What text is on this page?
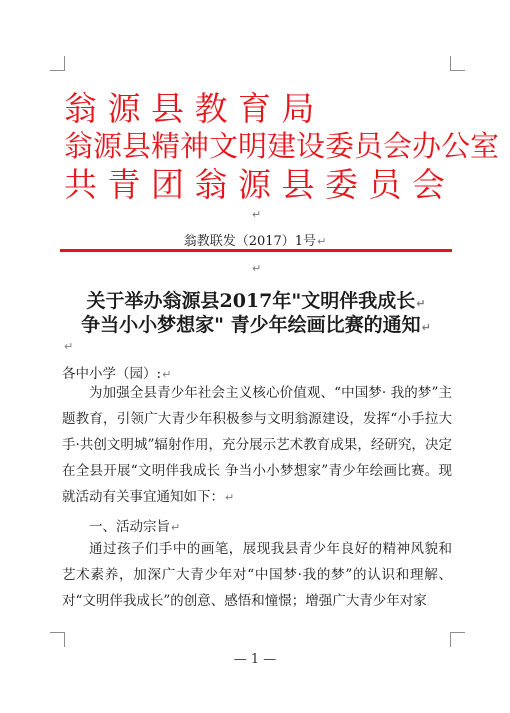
翁 源 县 教 育 局
翁源县精神文明建设委员会办公室
共 青 团 翁 源 县 委 员 会
↵
翁教联发（2017）1号↵
↵
关于举办翁源县2017年"文明伴我成长↵
争当小小梦想家" 青少年绘画比赛的通知↵
↵
各中小学（园）:↵
为加强全县青少年社会主义核心价值观、“中国梦· 我的梦”主题教育，引领广大青少年积极参与文明翁源建设，发挥“小手拉大手·共创文明城”辐射作用，充分展示艺术教育成果，经研究，决定在全县开展“文明伴我成长 争当小小梦想家”青少年绘画比赛。现就活动有关事宜通知如下：↵
一、活动宗旨↵
通过孩子们手中的画笔，展现我县青少年良好的精神风貌和艺术素养，加深广大青少年对“中国梦·我的梦”的认识和理解、对“文明伴我成长”的创意、感悟和憧憬；增强广大青少年对家
— 1 —
